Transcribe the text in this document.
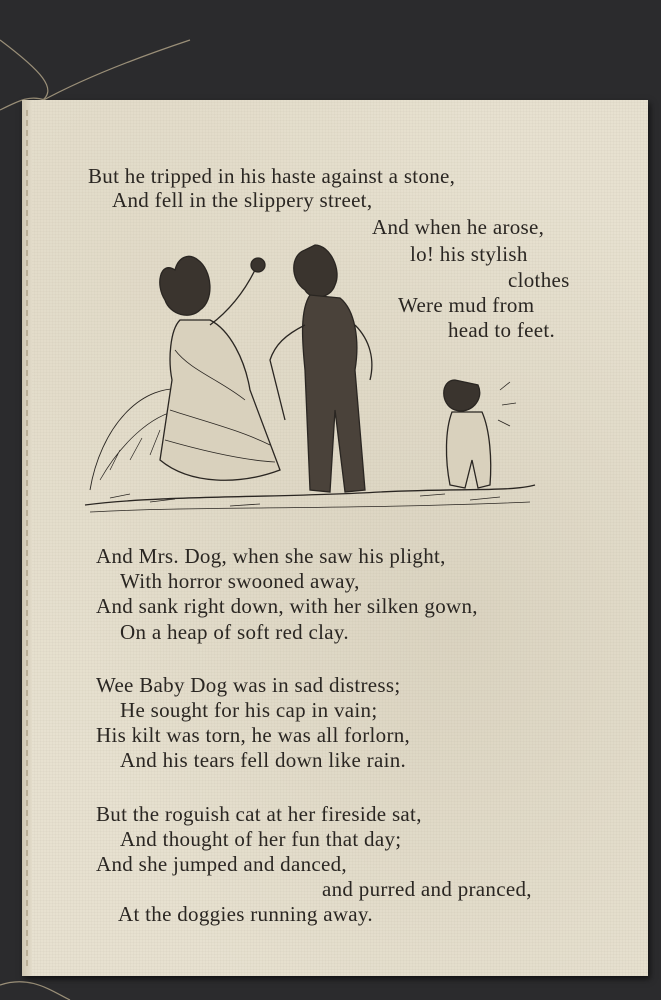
But he tripped in his haste against a stone,
And fell in the slippery street,
And when he arose,
lo! his stylish
clothes
Were mud from
head to feet.
And Mrs. Dog, when she saw his plight,
With horror swooned away,
And sank right down, with her silken gown,
On a heap of soft red clay.
Wee Baby Dog was in sad distress;
He sought for his cap in vain;
His kilt was torn, he was all forlorn,
And his tears fell down like rain.
But the roguish cat at her fireside sat,
And thought of her fun that day;
And she jumped and danced,
and purred and pranced,
At the doggies running away.
